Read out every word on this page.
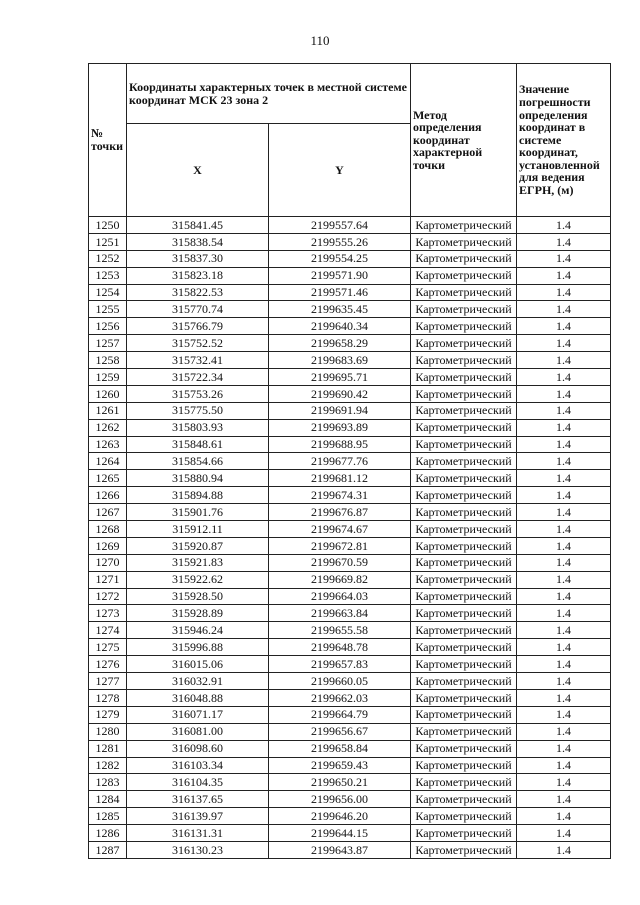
110
№ точки	Координаты характерных точек в местной системе координат МСК 23 зона 2		Метод определения координат характерной точки	Значение погрешности определения координат в системе координат, установленной для ведения ЕГРН, (м)
	X	Y		
1250	315841.45	2199557.64	Картометрический	1.4
1251	315838.54	2199555.26	Картометрический	1.4
1252	315837.30	2199554.25	Картометрический	1.4
1253	315823.18	2199571.90	Картометрический	1.4
1254	315822.53	2199571.46	Картометрический	1.4
1255	315770.74	2199635.45	Картометрический	1.4
1256	315766.79	2199640.34	Картометрический	1.4
1257	315752.52	2199658.29	Картометрический	1.4
1258	315732.41	2199683.69	Картометрический	1.4
1259	315722.34	2199695.71	Картометрический	1.4
1260	315753.26	2199690.42	Картометрический	1.4
1261	315775.50	2199691.94	Картометрический	1.4
1262	315803.93	2199693.89	Картометрический	1.4
1263	315848.61	2199688.95	Картометрический	1.4
1264	315854.66	2199677.76	Картометрический	1.4
1265	315880.94	2199681.12	Картометрический	1.4
1266	315894.88	2199674.31	Картометрический	1.4
1267	315901.76	2199676.87	Картометрический	1.4
1268	315912.11	2199674.67	Картометрический	1.4
1269	315920.87	2199672.81	Картометрический	1.4
1270	315921.83	2199670.59	Картометрический	1.4
1271	315922.62	2199669.82	Картометрический	1.4
1272	315928.50	2199664.03	Картометрический	1.4
1273	315928.89	2199663.84	Картометрический	1.4
1274	315946.24	2199655.58	Картометрический	1.4
1275	315996.88	2199648.78	Картометрический	1.4
1276	316015.06	2199657.83	Картометрический	1.4
1277	316032.91	2199660.05	Картометрический	1.4
1278	316048.88	2199662.03	Картометрический	1.4
1279	316071.17	2199664.79	Картометрический	1.4
1280	316081.00	2199656.67	Картометрический	1.4
1281	316098.60	2199658.84	Картометрический	1.4
1282	316103.34	2199659.43	Картометрический	1.4
1283	316104.35	2199650.21	Картометрический	1.4
1284	316137.65	2199656.00	Картометрический	1.4
1285	316139.97	2199646.20	Картометрический	1.4
1286	316131.31	2199644.15	Картометрический	1.4
1287	316130.23	2199643.87	Картометрический	1.4
